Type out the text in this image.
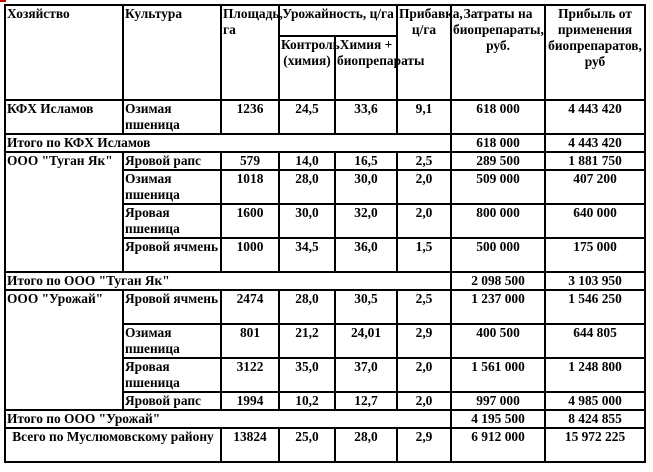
Хозяйство	Культура	Площадь, га	Урожайность, ц/га		Прибавка, ц/га	Затраты на биопрепараты, руб.	Прибыль от применения биопрепаратов, руб
			Контроль (химия)	Химия + биопрепараты			
КФХ Исламов	Озимая пшеница	1236	24,5	33,6	9,1	618 000	4 443 420
Итого по КФХ Исламов						618 000	4 443 420
ООО "Туган Як"	Яровой рапс	579	14,0	16,5	2,5	289 500	1 881 750
	Озимая пшеница	1018	28,0	30,0	2,0	509 000	407 200
	Яровая пшеница	1600	30,0	32,0	2,0	800 000	640 000
	Яровой ячмень	1000	34,5	36,0	1,5	500 000	175 000
Итого по ООО "Туган Як"						2 098 500	3 103 950
ООО "Урожай"	Яровой ячмень	2474	28,0	30,5	2,5	1 237 000	1 546 250
	Озимая пшеница	801	21,2	24,01	2,9	400 500	644 805
	Яровая пшеница	3122	35,0	37,0	2,0	1 561 000	1 248 800
	Яровой рапс	1994	10,2	12,7	2,0	997 000	4 985 000
Итого по ООО "Урожай"						4 195 500	8 424 855
Всего по Муслюмовскому району		13824	25,0	28,0	2,9	6 912 000	15 972 225
